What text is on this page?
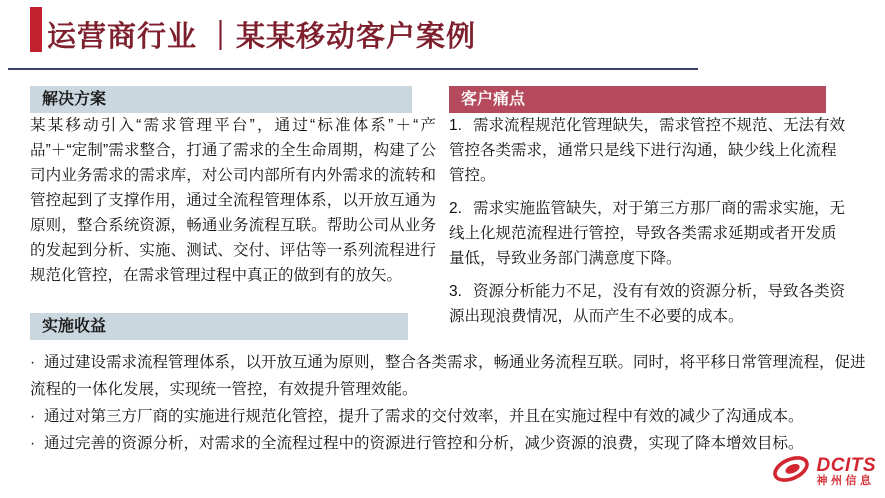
运营商行业 ｜某某移动客户案例
解决方案
某某移动引入“需求管理平台”，通过“标准体系”＋“产品”＋“定制”需求整合，打通了需求的全生命周期，构建了公司内业务需求的需求库，对公司内部所有内外需求的流转和管控起到了支撑作用，通过全流程管理体系，以开放互通为原则，整合系统资源，畅通业务流程互联。帮助公司从业务的发起到分析、实施、测试、交付、评估等一系列流程进行规范化管控，在需求管理过程中真正的做到有的放矢。
客户痛点

1. 需求流程规范化管理缺失，需求管控不规范、无法有效管控各类需求，通常只是线下进行沟通，缺少线上化流程管控。

2. 需求实施监管缺失，对于第三方那厂商的需求实施，无线上化规范流程进行管控，导致各类需求延期或者开发质量低，导致业务部门满意度下降。

3. 资源分析能力不足，没有有效的资源分析，导致各类资源出现浪费情况，从而产生不必要的成本。

实施收益

· 通过建设需求流程管理体系，以开放互通为原则，整合各类需求，畅通业务流程互联。同时，将平移日常管理流程，促进流程的一体化发展，实现统一管控，有效提升管理效能。

· 通过对第三方厂商的实施进行规范化管控，提升了需求的交付效率，并且在实施过程中有效的减少了沟通成本。

· 通过完善的资源分析，对需求的全流程过程中的资源进行管控和分析，减少资源的浪费，实现了降本增效目标。

DCITS
神州信息
